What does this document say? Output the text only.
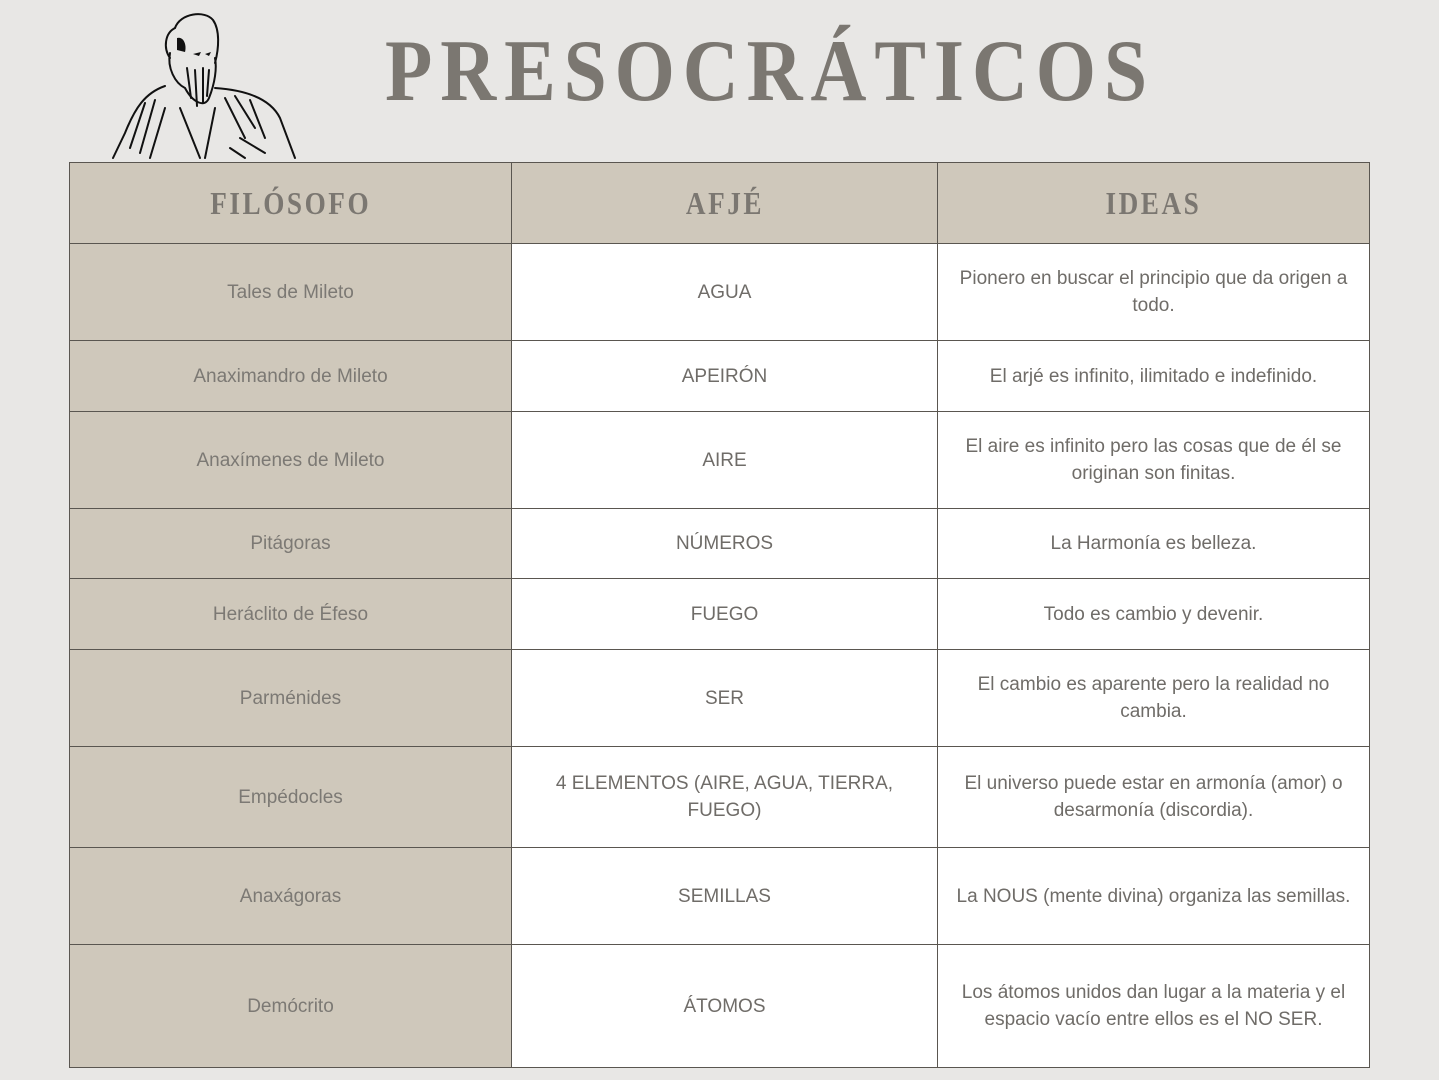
PRESOCRÁTICOS
FILÓSOFO	AFJÉ	IDEAS
Tales de Mileto	AGUA	Pionero en buscar el principio que da origen a todo.
Anaximandro de Mileto	APEIRÓN	El arjé es infinito, ilimitado e indefinido.
Anaxímenes de Mileto	AIRE	El aire es infinito pero las cosas que de él se originan son finitas.
Pitágoras	NÚMEROS	La Harmonía es belleza.
Heráclito de Éfeso	FUEGO	Todo es cambio y devenir.
Parménides	SER	El cambio es aparente pero la realidad no cambia.
Empédocles	4 ELEMENTOS (AIRE, AGUA, TIERRA, FUEGO)	El universo puede estar en armonía (amor) o desarmonía (discordia).
Anaxágoras	SEMILLAS	La NOUS (mente divina) organiza las semillas.
Demócrito	ÁTOMOS	Los átomos unidos dan lugar a la materia y el espacio vacío entre ellos es el NO SER.
